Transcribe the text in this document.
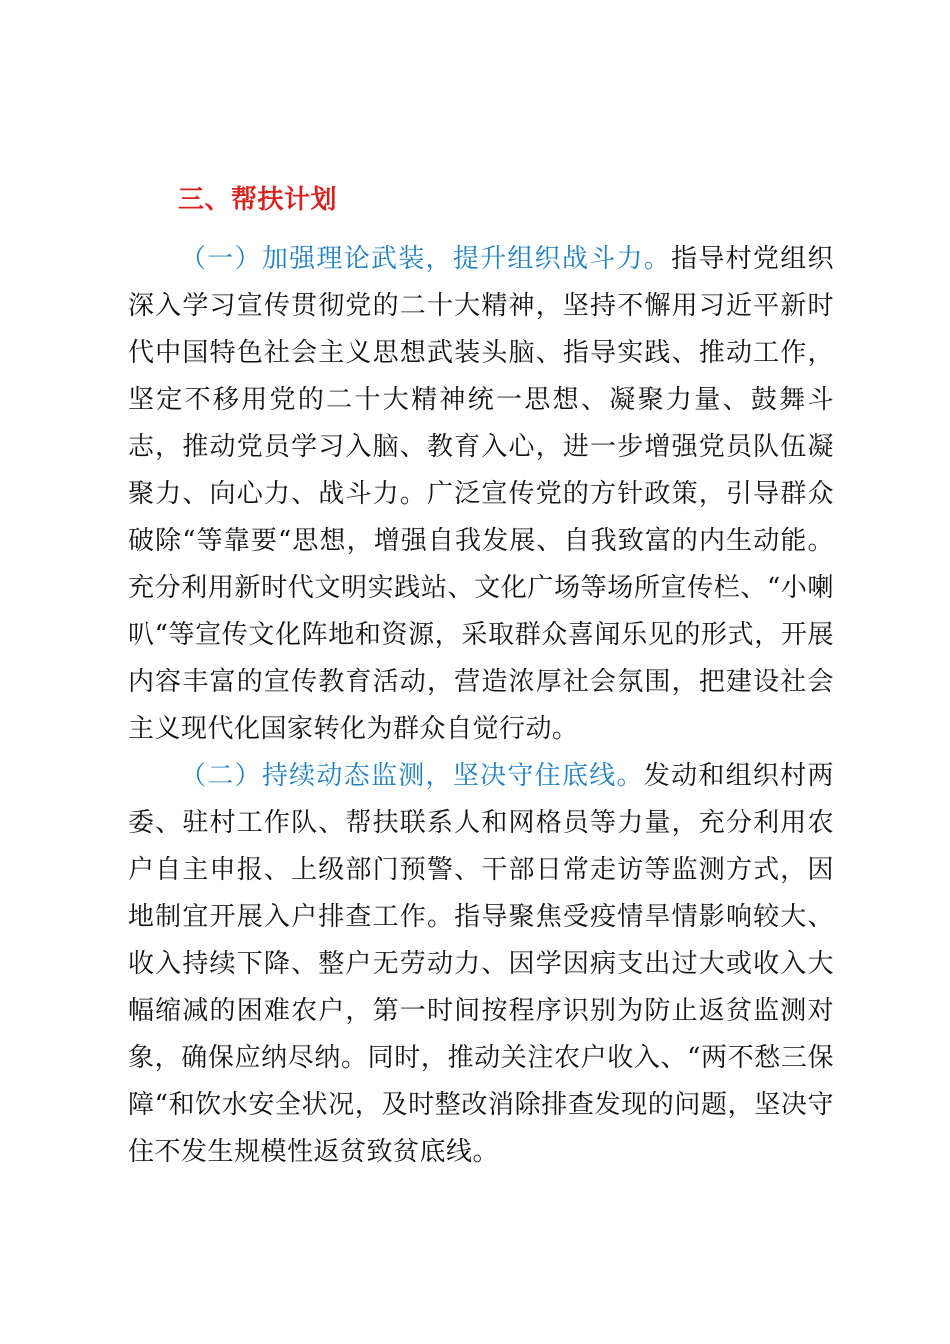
三、帮扶计划

（一）加强理论武装，提升组织战斗力。指导村党组织深入学习宣传贯彻党的二十大精神，坚持不懈用习近平新时代中国特色社会主义思想武装头脑、指导实践、推动工作，坚定不移用党的二十大精神统一思想、凝聚力量、鼓舞斗志，推动党员学习入脑、教育入心，进一步增强党员队伍凝聚力、向心力、战斗力。广泛宣传党的方针政策，引导群众破除“等靠要“思想，增强自我发展、自我致富的内生动能。充分利用新时代文明实践站、文化广场等场所宣传栏、“小喇叭“等宣传文化阵地和资源，采取群众喜闻乐见的形式，开展内容丰富的宣传教育活动，营造浓厚社会氛围，把建设社会主义现代化国家转化为群众自觉行动。

（二）持续动态监测，坚决守住底线。发动和组织村两委、驻村工作队、帮扶联系人和网格员等力量，充分利用农户自主申报、上级部门预警、干部日常走访等监测方式，因地制宜开展入户排查工作。指导聚焦受疫情旱情影响较大、收入持续下降、整户无劳动力、因学因病支出过大或收入大幅缩减的困难农户，第一时间按程序识别为防止返贫监测对象，确保应纳尽纳。同时，推动关注农户收入、“两不愁三保障“和饮水安全状况，及时整改消除排查发现的问题，坚决守住不发生规模性返贫致贫底线。
